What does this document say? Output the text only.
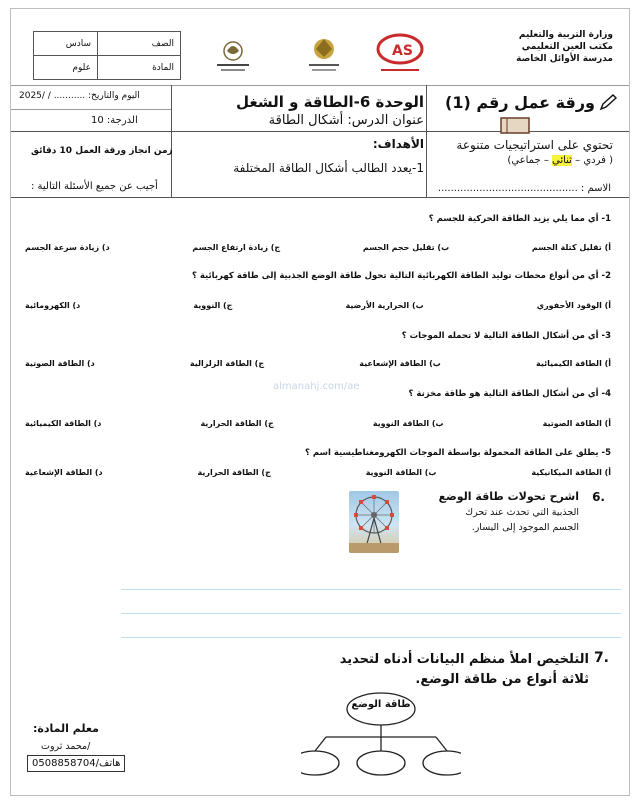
الصف	سادس
المادة	علوم
AS
وزارة التربية والتعليم
مكتب العين التعليمي
مدرسة الأوائل الخاصة
اليوم والتاريخ: ........... / /2025
الدرجة: 10
الوحدة 6-الطاقة و الشغل
عنوان الدرس: أشكال الطاقة
ورقة عمل رقم (1)
الأهداف:
1-يعدد الطالب أشكال الطاقة المختلفة
زمن انجاز ورقة العمل 10 دقائق
أجيب عن جميع الأسئلة التالية :
تحتوي على استراتيجيات متنوعة
( فردي – ثنائي – جماعي)
الاسم : ............................................
1- أي مما يلي يزيد الطاقة الحركية للجسم ؟
أ) تقليل كتلة الجسم
ب) تقليل حجم الجسم
ج) زيادة ارتفاع الجسم
د) زيادة سرعة الجسم
2- أي من أنواع محطات توليد الطاقة الكهربائية التالية تحول طاقة الوضع الجذبية إلى طاقة كهربائية ؟
أ) الوقود الأحفوري
ب) الحرارية الأرضية
ج) النووية
د) الكهرومائية
3- أي من أشكال الطاقة التالية لا تحمله الموجات ؟
أ) الطاقة الكيميائية
ب) الطاقة الإشعاعية
ج) الطاقة الزلزالية
د) الطاقة الصوتية
almanahj.com/ae
4- أي من أشكال الطاقة التالية هو طاقة مخزنة ؟
أ) الطاقة الصوتية
ب) الطاقة النووية
ج) الطاقة الحرارية
د) الطاقة الكيميائية
5- يطلق على الطاقة المحمولة بواسطة الموجات الكهرومغناطيسية اسم ؟
أ) الطاقة الميكانيكية
ب) الطاقة النووية
ج) الطاقة الحرارية
د) الطاقة الإشعاعية
6.
اشرح تحولات طاقة الوضع
الجذبية التي تحدث عند تحرك
الجسم الموجود إلى اليسار.
7.
التلخيص املأ منظم البيانات أدناه لتحديد
ثلاثة أنواع من طاقة الوضع.
طاقة الوضع
معلم المادة:
/محمد ثروت
هاتف/0508858704
